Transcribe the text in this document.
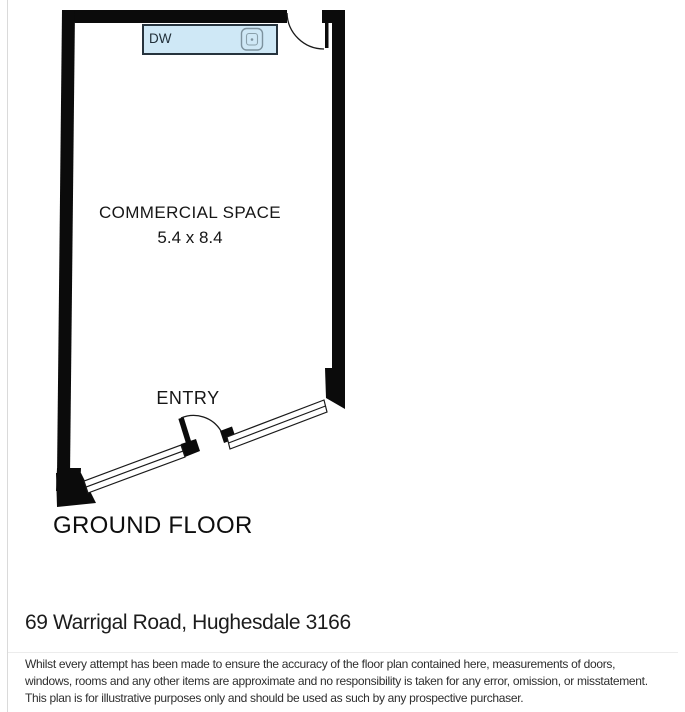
DW
COMMERCIAL SPACE
5.4 x 8.4
ENTRY
GROUND FLOOR
69 Warrigal Road, Hughesdale 3166
Whilst every attempt has been made to ensure the accuracy of the floor plan contained here, measurements of doors,
windows, rooms and any other items are approximate and no responsibility is taken for any error, omission, or misstatement.
This plan is for illustrative purposes only and should be used as such by any prospective purchaser.
